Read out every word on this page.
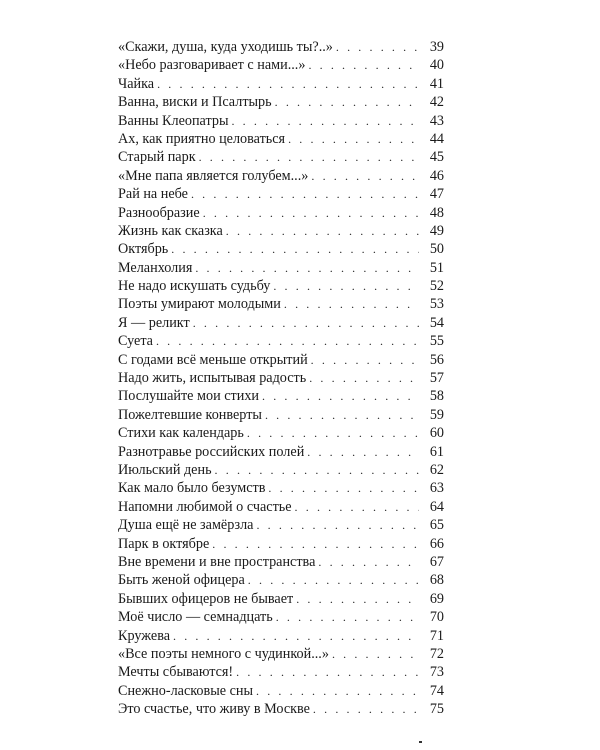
«Скажи, душа, куда уходишь ты?..» . . .	39
«Небо разговаривает с нами...» . . .	40
Чайка . . .	41
Ванна, виски и Псалтырь . . .	42
Ванны Клеопатры . . .	43
Ах, как приятно целоваться . . .	44
Старый парк . . .	45
«Мне папа является голубем...» . . .	46
Рай на небе . . .	47
Разнообразие . . .	48
Жизнь как сказка . . .	49
Октябрь . . .	50
Меланхолия . . .	51
Не надо искушать судьбу . . .	52
Поэты умирают молодыми . . .	53
Я — реликт . . .	54
Суета . . .	55
С годами всё меньше открытий . . .	56
Надо жить, испытывая радость . . .	57
Послушайте мои стихи . . .	58
Пожелтевшие конверты . . .	59
Стихи как календарь . . .	60
Разнотравье российских полей . . .	61
Июльский день . . .	62
Как мало было безумств . . .	63
Напомни любимой о счастье . . .	64
Душа ещё не замёрзла . . .	65
Парк в октябре . . .	66
Вне времени и вне пространства . . .	67
Быть женой офицера . . .	68
Бывших офицеров не бывает . . .	69
Моё число — семнадцать . . .	70
Кружева . . .	71
«Все поэты немного с чудинкой...» . . .	72
Мечты сбываются! . . .	73
Снежно-ласковые сны . . .	74
Это счастье, что живу в Москве . . .	75
